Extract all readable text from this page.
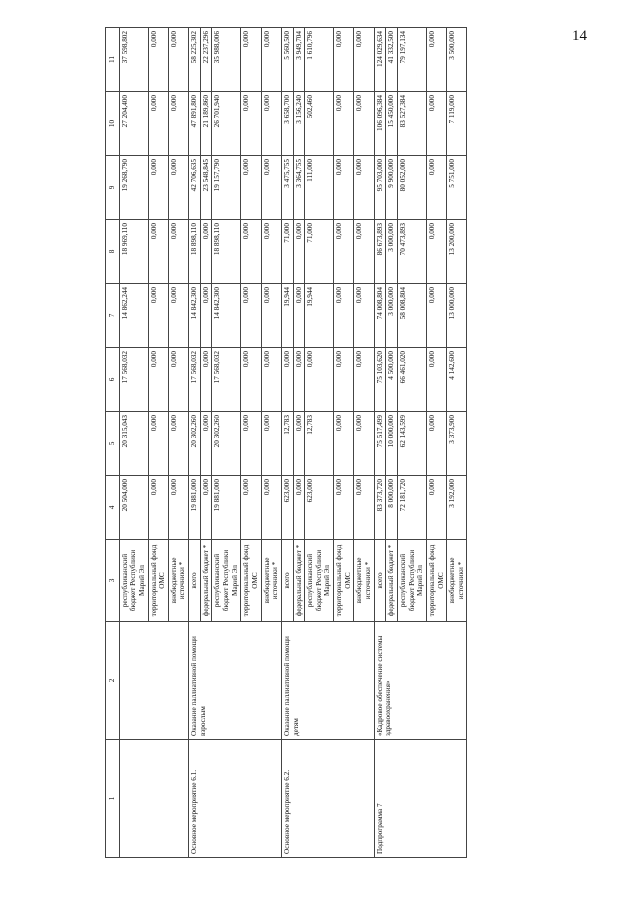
14
1	2	3	4	5	6	7	8	9	10	11
		республиканский бюджет Республики Марий Эл	20 504,000	20 315,043	17 568,032	14 862,244	18 969,110	19 268,790	27 204,400	37 598,802
		территориальный фонд ОМС	0,000	0,000	0,000	0,000	0,000	0,000	0,000	0,000
		внебюджетные источники *	0,000	0,000	0,000	0,000	0,000	0,000	0,000	0,000
Основное мероприятие 6.1.	Оказание паллиативной помощи взрослым	всего	19 881,000	20 302,260	17 568,032	14 842,300	18 898,110	42 706,635	47 891,800	58 225,302
		федеральный бюджет *	0,000	0,000	0,000	0,000	0,000	23 548,845	21 189,860	22 237,296
		республиканский бюджет Республики Марий Эл	19 881,000	20 302,260	17 568,032	14 842,300	18 898,110	19 157,790	26 701,940	35 988,006
		территориальный фонд ОМС	0,000	0,000	0,000	0,000	0,000	0,000	0,000	0,000
		внебюджетные источники *	0,000	0,000	0,000	0,000	0,000	0,000	0,000	0,000
Основное мероприятие 6.2.	Оказание паллиативной помощи детям	всего	623,000	12,783	0,000	19,944	71,000	3 475,755	3 658,700	5 560,500
		федеральный бюджет *	0,000	0,000	0,000	0,000	0,000	3 364,755	3 156,240	3 949,704
		республиканский бюджет Республики Марий Эл	623,000	12,783	0,000	19,944	71,000	111,000	502,460	1 610,796
		территориальный фонд ОМС	0,000	0,000	0,000	0,000	0,000	0,000	0,000	0,000
		внебюджетные источники *	0,000	0,000	0,000	0,000	0,000	0,000	0,000	0,000
Подпрограмма 7	«Кадровое обеспечение системы здравоохранения»	всего	83 373,720	75 517,499	75 103,620	74 008,804	86 673,893	95 703,000	106 096,384	124 029,634
		федеральный бюджет *	8 000,000	10 000,000	4 500,000	3 000,000	3 000,000	9 900,000	15 450,000	41 332,500
		республиканский бюджет Республики Марий Эл	72 181,720	62 143,599	66 461,020	58 008,804	70 473,893	80 052,000	83 527,384	79 197,134
		территориальный фонд ОМС	0,000	0,000	0,000	0,000	0,000	0,000	0,000	0,000
		внебюджетные источники *	3 192,000	3 373,900	4 142,600	13 000,000	13 200,000	5 751,000	7 119,000	3 500,000
